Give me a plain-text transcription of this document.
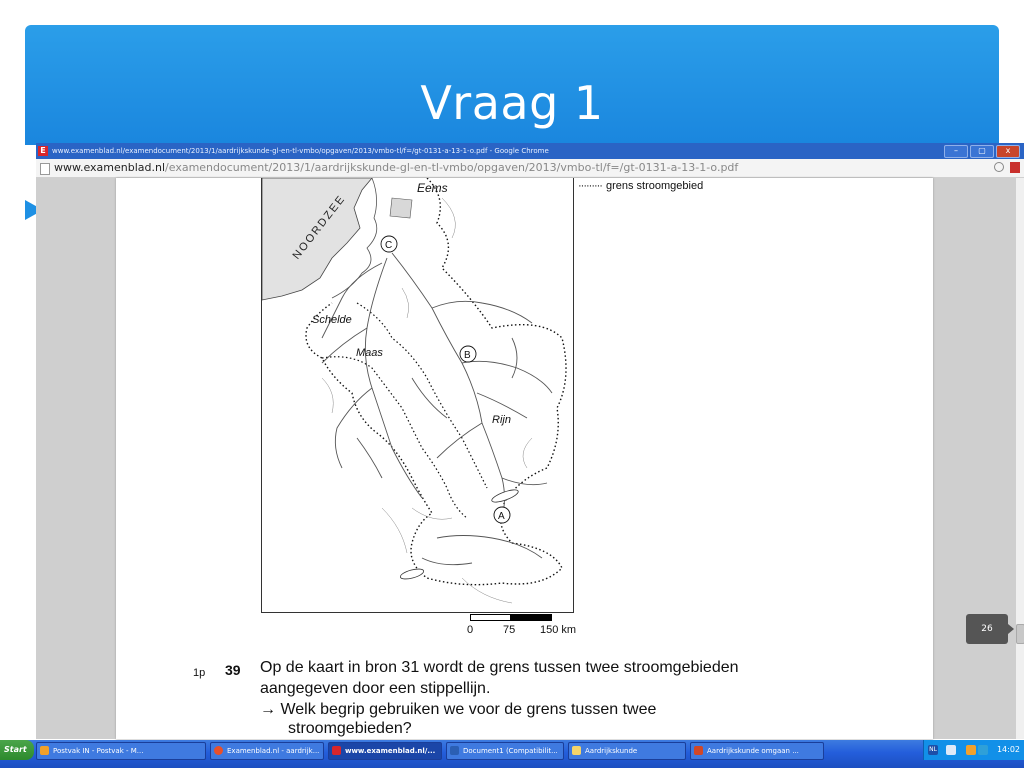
Vraag 1
E www.examenblad.nl/examendocument/2013/1/aardrijkskunde-gl-en-tl-vmbo/opgaven/2013/vmbo-tl/f=/gt-0131-a-13-1-o.pdf - Google Chrome	–	▢	x
www.examenblad.nl/examendocument/2013/1/aardrijkskunde-gl-en-tl-vmbo/opgaven/2013/vmbo-tl/f=/gt-0131-a-13-1-o.pdf
26
NOORDZEE
Eems
Schelde
Maas
Rijn
C
B
A
········· grens stroomgebied
0	75 150 km
1p 39 Op de kaart in bron 31 wordt de grens tussen twee stroomgebieden
aangegeven door een stippellijn.
→ Welk begrip gebruiken we voor de grens tussen twee
stroomgebieden?
Start	Postvak IN - Postvak - M...	Examenblad.nl - aardrijk...	www.examenblad.nl/...	Document1 (Compatibilit...	Aardrijkskunde	Aardrijkskunde omgaan ...	NL	14:02
